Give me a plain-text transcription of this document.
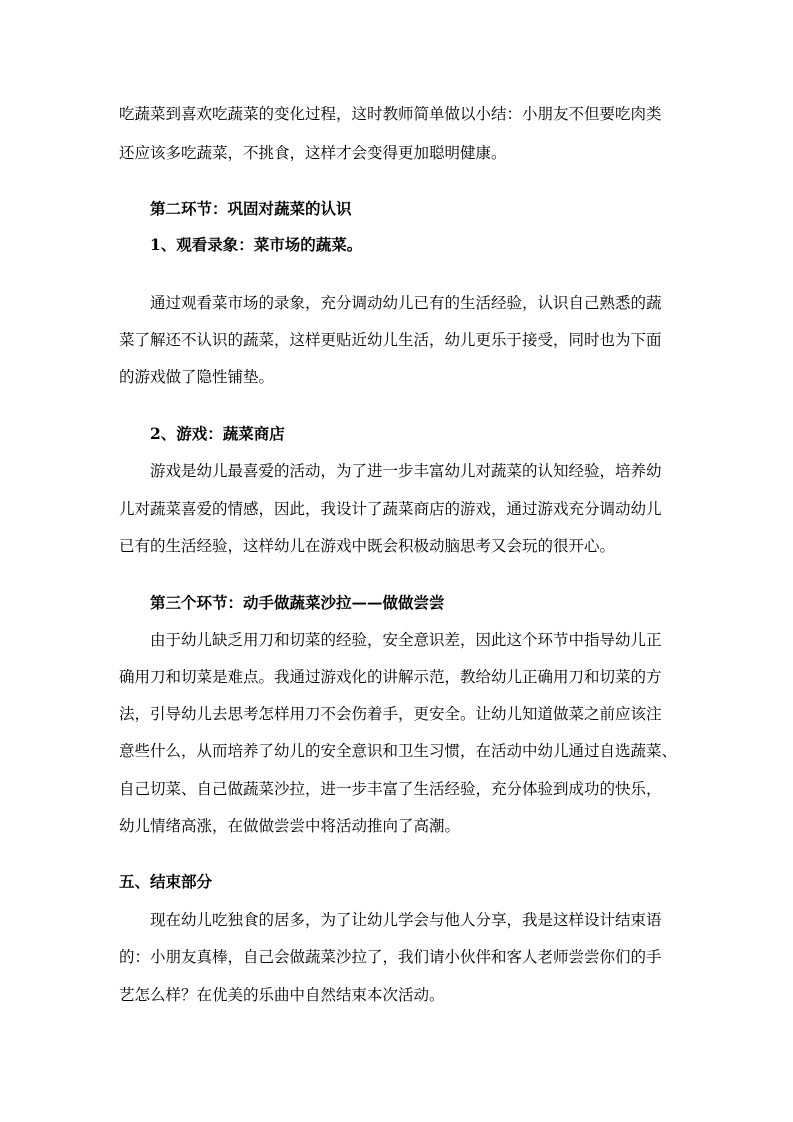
吃蔬菜到喜欢吃蔬菜的变化过程，这时教师简单做以小结：小朋友不但要吃肉类
还应该多吃蔬菜，不挑食，这样才会变得更加聪明健康。
第二环节：巩固对蔬菜的认识
1、观看录象：菜市场的蔬菜。
通过观看菜市场的录象，充分调动幼儿已有的生活经验，认识自己熟悉的蔬
菜了解还不认识的蔬菜，这样更贴近幼儿生活，幼儿更乐于接受，同时也为下面
的游戏做了隐性铺垫。
2、游戏：蔬菜商店
游戏是幼儿最喜爱的活动，为了进一步丰富幼儿对蔬菜的认知经验，培养幼
儿对蔬菜喜爱的情感，因此，我设计了蔬菜商店的游戏，通过游戏充分调动幼儿
已有的生活经验，这样幼儿在游戏中既会积极动脑思考又会玩的很开心。
第三个环节：动手做蔬菜沙拉——做做尝尝
由于幼儿缺乏用刀和切菜的经验，安全意识差，因此这个环节中指导幼儿正
确用刀和切菜是难点。我通过游戏化的讲解示范，教给幼儿正确用刀和切菜的方
法，引导幼儿去思考怎样用刀不会伤着手，更安全。让幼儿知道做菜之前应该注
意些什么，从而培养了幼儿的安全意识和卫生习惯，在活动中幼儿通过自选蔬菜、
自己切菜、自己做蔬菜沙拉，进一步丰富了生活经验，充分体验到成功的快乐，
幼儿情绪高涨，在做做尝尝中将活动推向了高潮。
五、结束部分
现在幼儿吃独食的居多，为了让幼儿学会与他人分享，我是这样设计结束语
的：小朋友真棒，自己会做蔬菜沙拉了，我们请小伙伴和客人老师尝尝你们的手
艺怎么样？在优美的乐曲中自然结束本次活动。
